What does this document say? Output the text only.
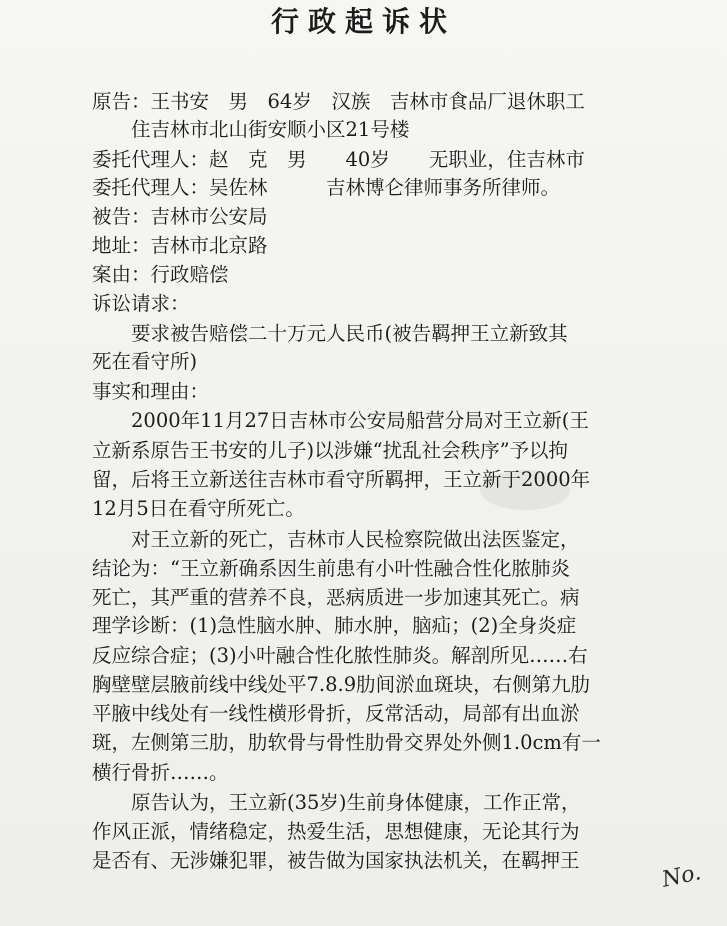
行政起诉状

原告：王书安　男　64岁　汉族　吉林市食品厂退休职工

　　住吉林市北山街安顺小区21号楼

委托代理人：赵　克　男　　40岁　　无职业，住吉林市

委托代理人：吴佐林　　　吉林博仑律师事务所律师。

被告：吉林市公安局

地址：吉林市北京路

案由：行政赔偿

诉讼请求：

　　要求被告赔偿二十万元人民币(被告羁押王立新致其

死在看守所)

事实和理由：

　　2000年11月27日吉林市公安局船营分局对王立新(王

立新系原告王书安的儿子)以涉嫌“扰乱社会秩序”予以拘

留，后将王立新送往吉林市看守所羁押，王立新于2000年

12月5日在看守所死亡。

　　对王立新的死亡，吉林市人民检察院做出法医鉴定，

结论为：“王立新确系因生前患有小叶性融合性化脓肺炎

死亡，其严重的营养不良，恶病质进一步加速其死亡。病

理学诊断：(1)急性脑水肿、肺水肿，脑疝；(2)全身炎症

反应综合症；(3)小叶融合性化脓性肺炎。解剖所见……右

胸壁壁层腋前线中线处平7.8.9肋间淤血斑块，右侧第九肋

平腋中线处有一线性横形骨折，反常活动，局部有出血淤

斑，左侧第三肋，肋软骨与骨性肋骨交界处外侧1.0cm有一

横行骨折……。

　　原告认为，王立新(35岁)生前身体健康，工作正常，

作风正派，情绪稳定，热爱生活，思想健康，无论其行为

是否有、无涉嫌犯罪，被告做为国家执法机关，在羁押王	No.
